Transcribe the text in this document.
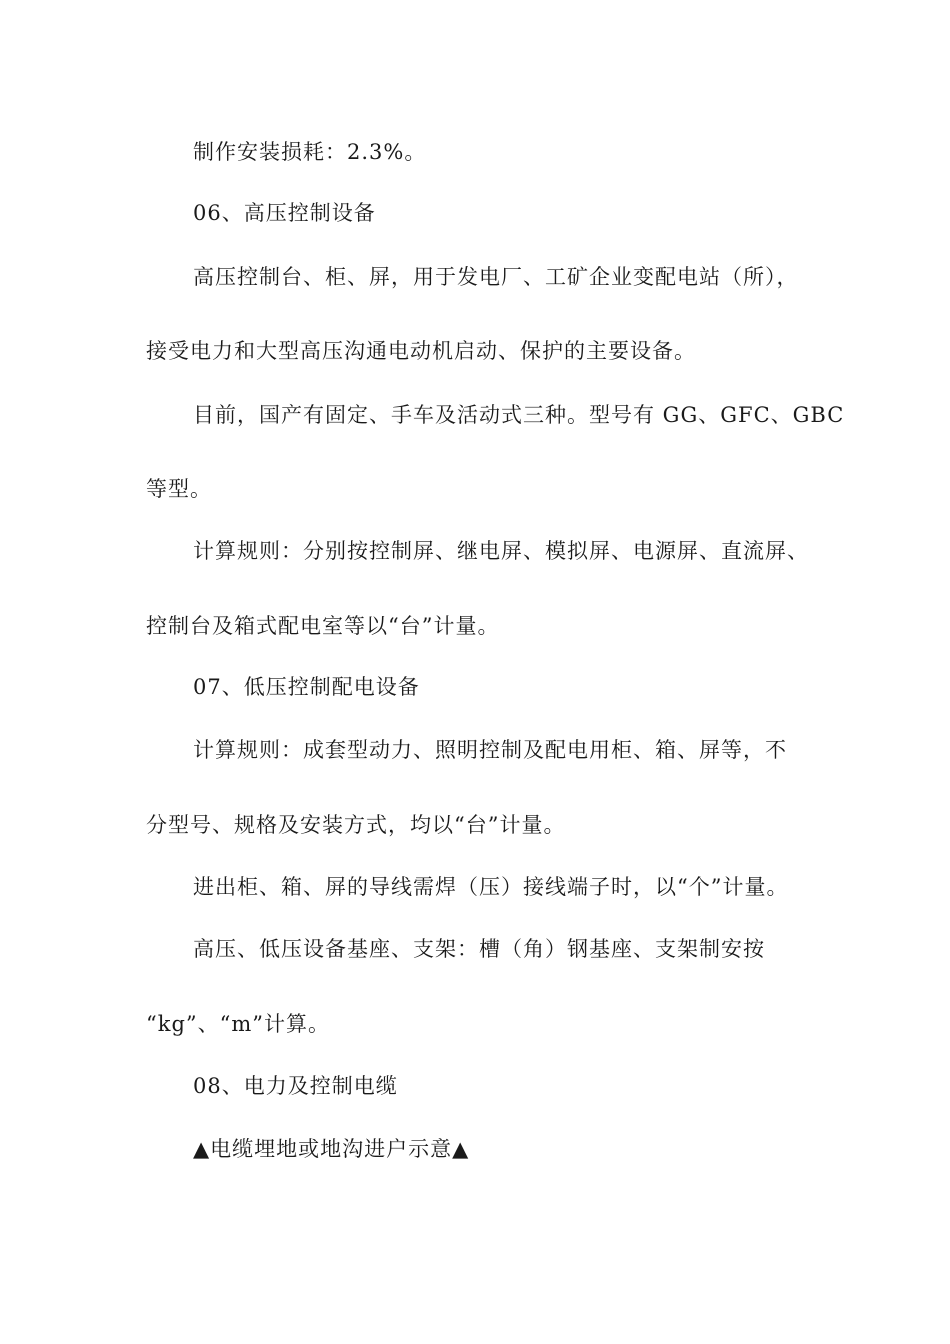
制作安装损耗：2.3%。
06、高压控制设备
高压控制台、柜、屏，用于发电厂、工矿企业变配电站（所），
接受电力和大型高压沟通电动机启动、保护的主要设备。
目前，国产有固定、手车及活动式三种。型号有 GG、GFC、GBC
等型。
计算规则：分别按控制屏、继电屏、模拟屏、电源屏、直流屏、
控制台及箱式配电室等以“台”计量。
07、低压控制配电设备
计算规则：成套型动力、照明控制及配电用柜、箱、屏等，不
分型号、规格及安装方式，均以“台”计量。
进出柜、箱、屏的导线需焊（压）接线端子时，以“个”计量。
高压、低压设备基座、支架：槽（角）钢基座、支架制安按
“kg”、“m”计算。
08、电力及控制电缆
▲电缆埋地或地沟进户示意▲
